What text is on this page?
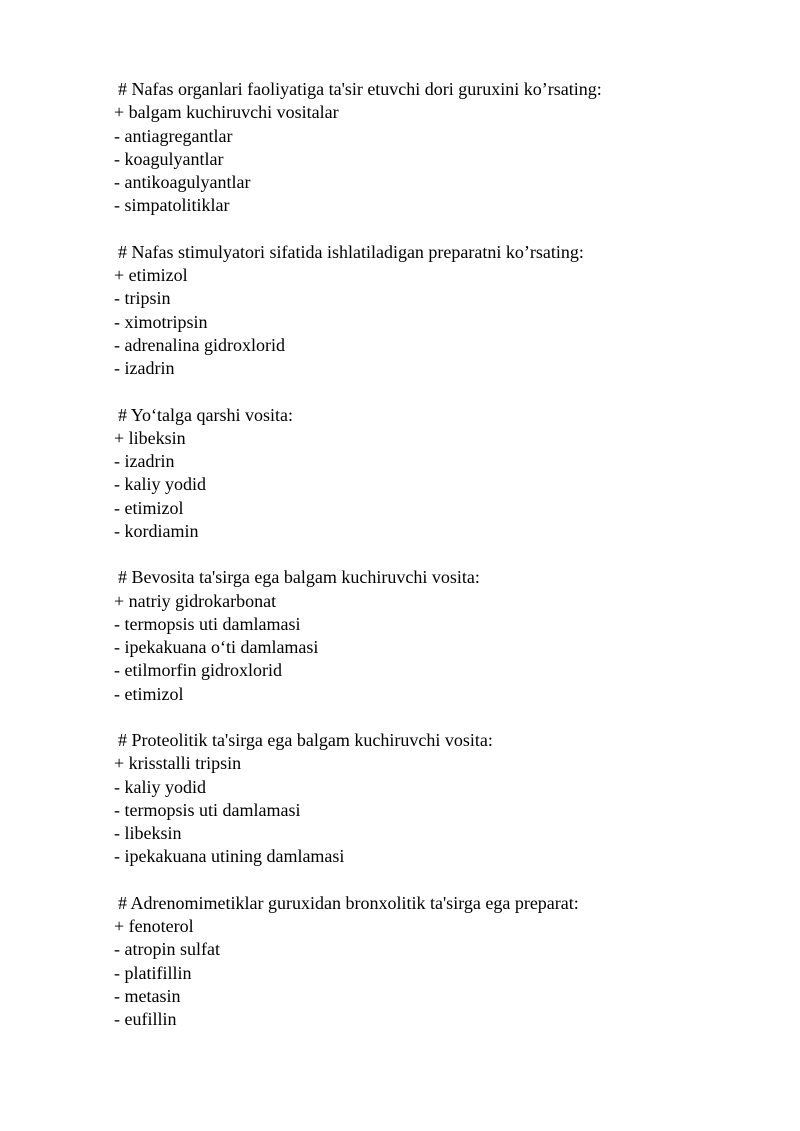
# Nafas organlari faoliyatiga ta'sir etuvchi dori guruxini ko’rsating:
+ balgam kuchiruvchi vositalar
- antiagregantlar
- koagulyantlar
- antikoagulyantlar
- simpatolitiklar
# Nafas stimulyatori sifatida ishlatiladigan preparatni ko’rsating:
+ etimizol
- tripsin
- ximotripsin
- adrenalina gidroxlorid
- izadrin
# Yo‘talga qarshi vosita:
+ libeksin
- izadrin
- kaliy yodid
- etimizol
- kordiamin
# Bevosita ta'sirga ega balgam kuchiruvchi vosita:
+ natriy gidrokarbonat
- termopsis uti damlamasi
- ipekakuana o‘ti damlamasi
- etilmorfin gidroxlorid
- etimizol
# Proteolitik ta'sirga ega balgam kuchiruvchi vosita:
+ krisstalli tripsin
- kaliy yodid
- termopsis uti damlamasi
- libeksin
- ipekakuana utining damlamasi
# Adrenomimetiklar guruxidan bronxolitik ta'sirga ega preparat:
+ fenoterol
- atropin sulfat
- platifillin
- metasin
- eufillin
